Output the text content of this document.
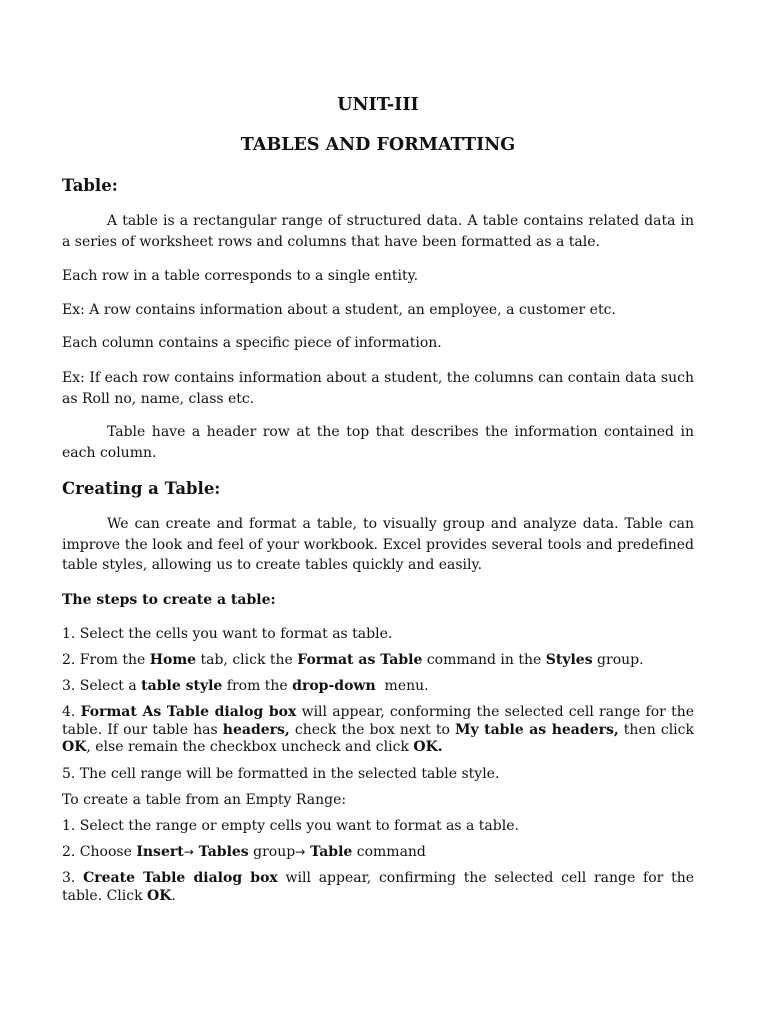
UNIT-III
TABLES AND FORMATTING
Table:

A table is a rectangular range of structured data. A table contains related data in a series of worksheet rows and columns that have been formatted as a tale.

Each row in a table corresponds to a single entity.

Ex: A row contains information about a student, an employee, a customer etc.

Each column contains a specific piece of information.

Ex: If each row contains information about a student, the columns can contain data such as Roll no, name, class etc.

Table have a header row at the top that describes the information contained in each column.

Creating a Table:

We can create and format a table, to visually group and analyze data. Table can improve the look and feel of your workbook. Excel provides several tools and predefined table styles, allowing us to create tables quickly and easily.

The steps to create a table:

1. Select the cells you want to format as table.

2. From the Home tab, click the Format as Table command in the Styles group.

3. Select a table style from the drop-down  menu.

4. Format As Table dialog box will appear, conforming the selected cell range for the table. If our table has headers, check the box next to My table as headers, then click OK, else remain the checkbox uncheck and click OK.

5. The cell range will be formatted in the selected table style.

To create a table from an Empty Range:

1. Select the range or empty cells you want to format as a table.

2. Choose Insert→ Tables group→ Table command

3. Create Table dialog box will appear, confirming the selected cell range for the table. Click OK.
